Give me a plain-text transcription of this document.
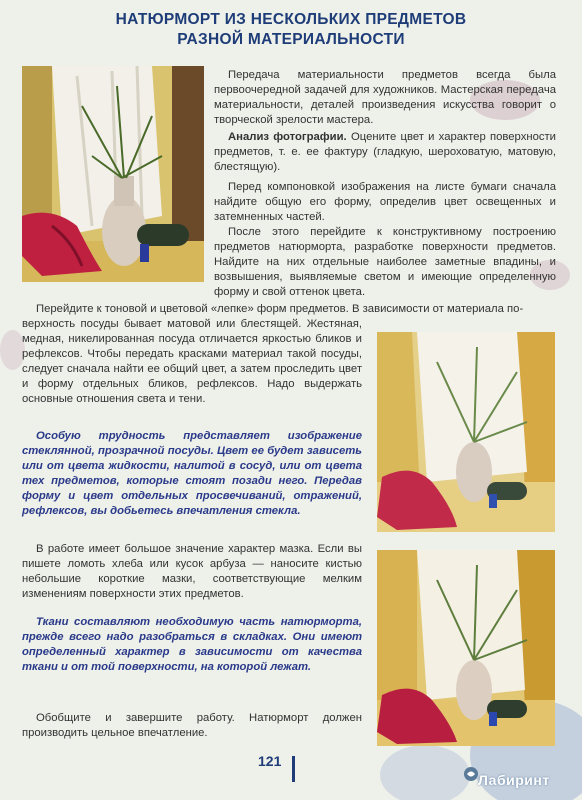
НАТЮРМОРТ ИЗ НЕСКОЛЬКИХ ПРЕДМЕТОВ
РАЗНОЙ МАТЕРИАЛЬНОСТИ

Передача материальности предметов всегда была первоочередной задачей для художников. Мастерская передача материальности, деталей произведения искусства говорит о творческой зрелости мастера.

Анализ фотографии. Оцените цвет и характер поверхности предметов, т. е. ее фактуру (гладкую, шероховатую, матовую, блестящую).

Перед компоновкой изображения на листе бумаги сначала найдите общую его форму, определив цвет освещенных и затемненных частей.

После этого перейдите к конструктивному построению предметов натюрморта, разработке поверхности предметов. Найдите на них отдельные наиболее заметные впадины, и возвышения, выявляемые светом и имеющие определенную форму и свой оттенок цвета.

Перейдите к тоновой и цветовой «лепке» форм предметов. В зависимости от материала по-

верхность посуды бывает матовой или блестящей. Жестяная, медная, никелированная посуда отличается яркостью бликов и рефлексов. Чтобы передать красками материал такой посуды, следует сначала найти ее общий цвет, а затем проследить цвет и форму отдельных бликов, рефлексов. Надо выдержать основные отношения света и тени.

Особую трудность представляет изображение стеклянной, прозрачной посуды. Цвет ее будет зависеть или от цвета жидкости, налитой в сосуд, или от цвета тех предметов, которые стоят позади него. Передав форму и цвет отдельных просвечиваний, отражений, рефлексов, вы добьетесь впечатления стекла.

В работе имеет большое значение характер мазка. Если вы пишете ломоть хлеба или кусок арбуза — наносите кистью небольшие короткие мазки, соответствующие мелким изменениям поверхности этих предметов.

Ткани составляют необходимую часть натюрморта, прежде всего надо разобраться в складках. Они имеют определенный характер в зависимости от качества ткани и от той поверхности, на которой лежат.

Обобщите и завершите работу. Натюрморт должен производить цельное впечатление.

121
Лабиринт
